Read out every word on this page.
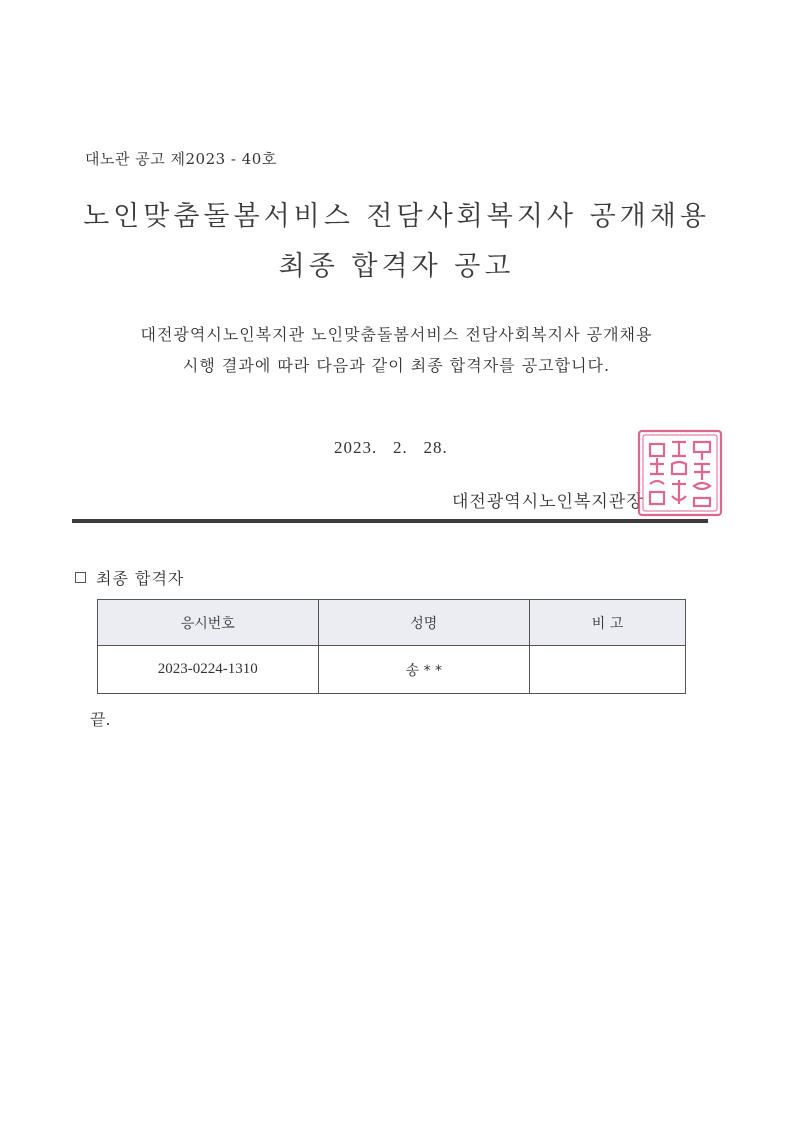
대노관 공고 제2023 - 40호
노인맞춤돌봄서비스 전담사회복지사 공개채용
최종 합격자 공고
대전광역시노인복지관 노인맞춤돌봄서비스 전담사회복지사 공개채용
시행 결과에 따라 다음과 같이 최종 합격자를 공고합니다.
2023.   2.   28.
대전광역시노인복지관장
최종 합격자
응시번호	성명	비 고
2023-0224-1310	송 * *	
끝.
